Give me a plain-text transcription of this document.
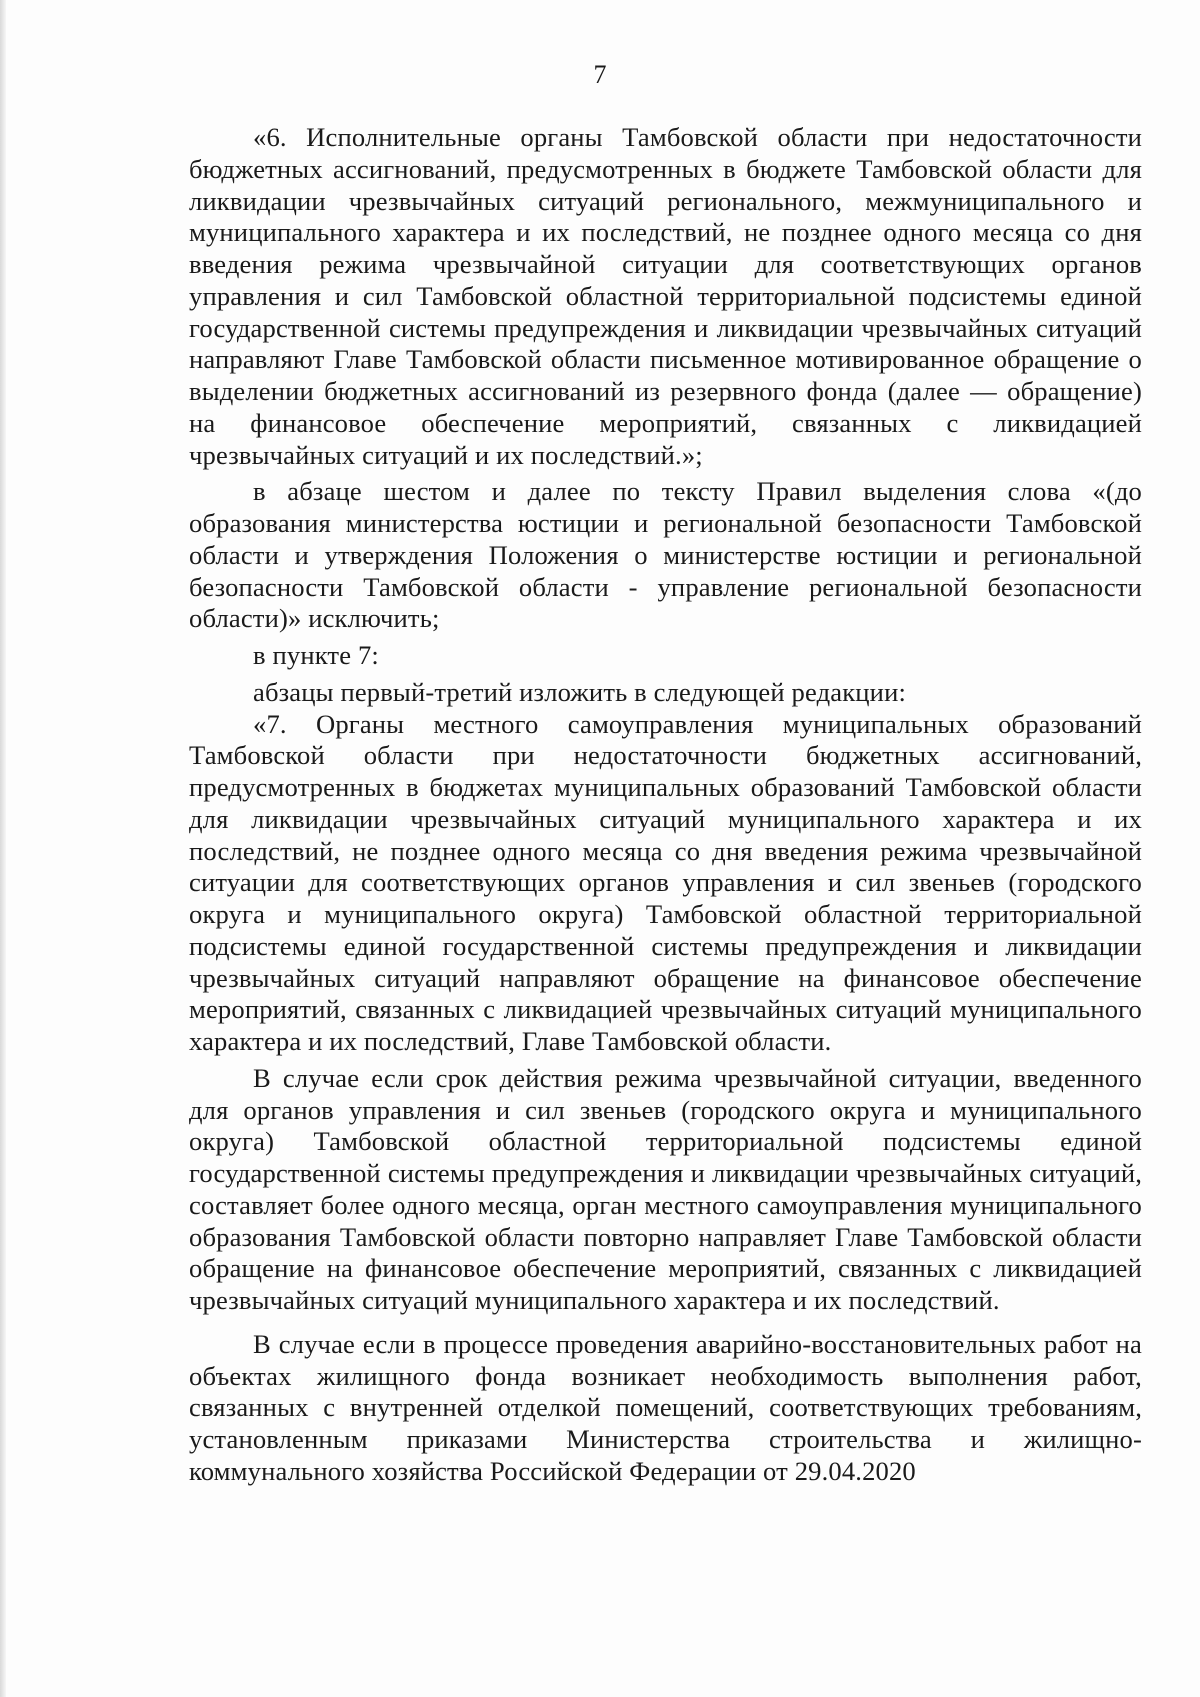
7

«6. Исполнительные органы Тамбовской области при недостаточности бюджетных ассигнований, предусмотренных в бюджете Тамбовской области для ликвидации чрезвычайных ситуаций регионального, межмуниципального и муниципального характера и их последствий, не позднее одного месяца со дня введения режима чрезвычайной ситуации для соответствующих органов управления и сил Тамбовской областной территориальной подсистемы единой государственной системы предупреждения и ликвидации чрезвычайных ситуаций направляют Главе Тамбовской области письменное мотивированное обращение о выделении бюджетных ассигнований из резервного фонда (далее — обращение) на финансовое обеспечение мероприятий, связанных с ликвидацией чрезвычайных ситуаций и их последствий.»;

в абзаце шестом и далее по тексту Правил выделения слова «(до образования министерства юстиции и региональной безопасности Тамбовской области и утверждения Положения о министерстве юстиции и региональной безопасности Тамбовской области - управление региональной безопасности области)» исключить;

в пункте 7:

абзацы первый-третий изложить в следующей редакции:

«7. Органы местного самоуправления муниципальных образований Тамбовской области при недостаточности бюджетных ассигнований, предусмотренных в бюджетах муниципальных образований Тамбовской области для ликвидации чрезвычайных ситуаций муниципального характера и их последствий, не позднее одного месяца со дня введения режима чрезвычайной ситуации для соответствующих органов управления и сил звеньев (городского округа и муниципального округа) Тамбовской областной территориальной подсистемы единой государственной системы предупреждения и ликвидации чрезвычайных ситуаций направляют обращение на финансовое обеспечение мероприятий, связанных с ликвидацией чрезвычайных ситуаций муниципального характера и их последствий, Главе Тамбовской области.

В случае если срок действия режима чрезвычайной ситуации, введенного для органов управления и сил звеньев (городского округа и муниципального округа) Тамбовской областной территориальной подсистемы единой государственной системы предупреждения и ликвидации чрезвычайных ситуаций, составляет более одного месяца, орган местного самоуправления муниципального образования Тамбовской области повторно направляет Главе Тамбовской области обращение на финансовое обеспечение мероприятий, связанных с ликвидацией чрезвычайных ситуаций муниципального характера и их последствий.

В случае если в процессе проведения аварийно-восстановительных работ на объектах жилищного фонда возникает необходимость выполнения работ, связанных с внутренней отделкой помещений, соответствующих требованиям, установленным приказами Министерства строительства и жилищно-коммунального хозяйства Российской Федерации от 29.04.2020
